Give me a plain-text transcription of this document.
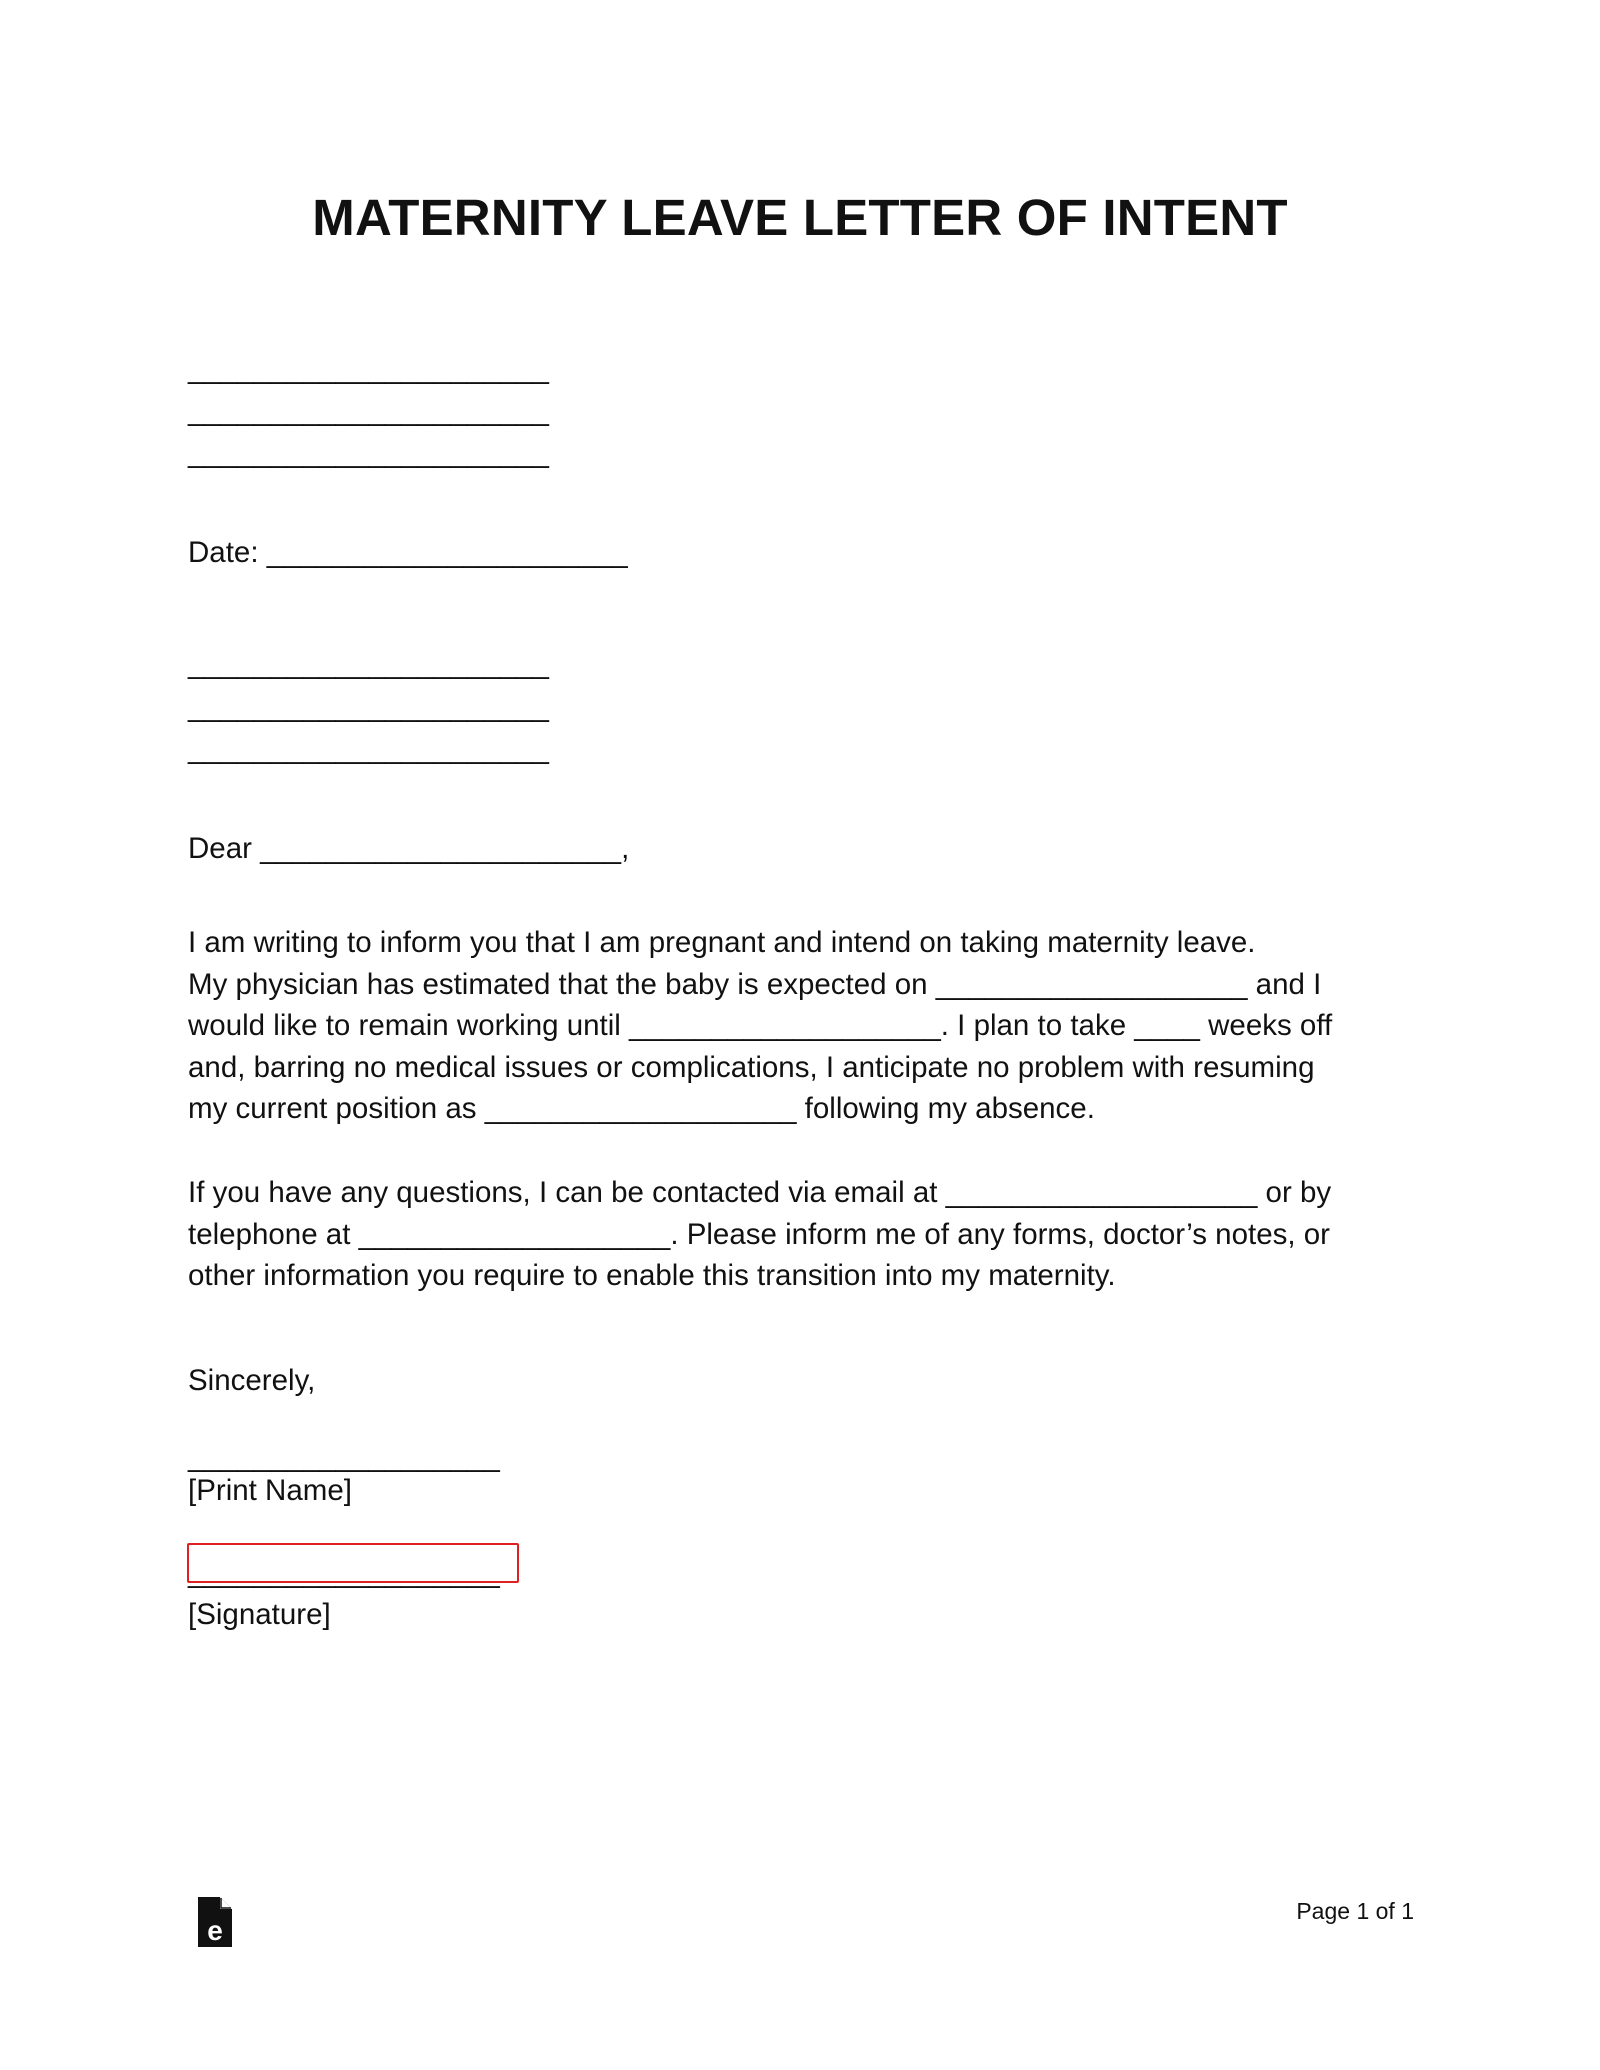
MATERNITY LEAVE LETTER OF INTENT
______________________
______________________
______________________
Date: ______________________
______________________
______________________
______________________
Dear ______________________,

I am writing to inform you that I am pregnant and intend on taking maternity leave.

My physician has estimated that the baby is expected on ___________________ and I

would like to remain working until ___________________. I plan to take ____ weeks off

and, barring no medical issues or complications, I anticipate no problem with resuming

my current position as ___________________ following my absence.

If you have any questions, I can be contacted via email at ___________________ or by

telephone at ___________________. Please inform me of any forms, doctor’s notes, or

other information you require to enable this transition into my maternity.

Sincerely,
___________________
[Print Name]
___________________
[Signature]
e
Page 1 of 1
